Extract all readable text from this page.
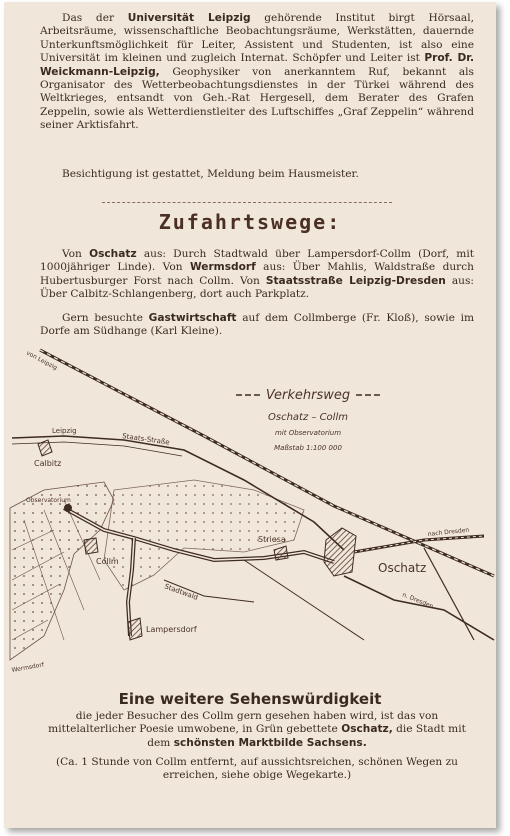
Das der Universität Leipzig gehörende Institut birgt Hörsaal, Arbeitsräume, wissenschaftliche Beobachtungsräume, Werkstätten, dauernde Unterkunftsmöglichkeit für Leiter, Assistent und Studenten, ist also eine Universität im kleinen und zugleich Internat. Schöpfer und Leiter ist Prof. Dr. Weickmann-Leipzig, Geophysiker von anerkanntem Ruf, bekannt als Organisator des Wetterbeobachtungsdienstes in der Türkei während des Weltkrieges, entsandt von Geh.-Rat Hergesell, dem Berater des Grafen Zeppelin, sowie als Wetterdienstleiter des Luftschiffes „Graf Zeppelin“ während seiner Arktisfahrt.

Besichtigung ist gestattet, Meldung beim Hausmeister.

Zufahrtswege:

Von Oschatz aus: Durch Stadtwald über Lampersdorf-Collm (Dorf, mit 1000jähriger Linde). Von Wermsdorf aus: Über Mahlis, Waldstraße durch Hubertusburger Forst nach Collm. Von Staatsstraße Leipzig-Dresden aus: Über Calbitz-Schlangenberg, dort auch Parkplatz.

Gern besuchte Gastwirtschaft auf dem Collmberge (Fr. Kloß), sowie im Dorfe am Südhange (Karl Kleine).

von Leipzig
Leipzig
Calbitz
Staats-Straße
Observatorium
Collm
Striesa
Oschatz
nach Dresden
n. Dresden
Lampersdorf
Stadtwald
Wermsdorf
Verkehrsweg
Oschatz – Collm
mit Observatorium
Maßstab 1:100 000
Eine weitere Sehenswürdigkeit

die jeder Besucher des Collm gern gesehen haben wird, ist das von mittelalterlicher Poesie umwobene, in Grün gebettete Oschatz, die Stadt mit dem schönsten Marktbilde Sachsens.

(Ca. 1 Stunde von Collm entfernt, auf aussichtsreichen, schönen Wegen zu erreichen, siehe obige Wegekarte.)
